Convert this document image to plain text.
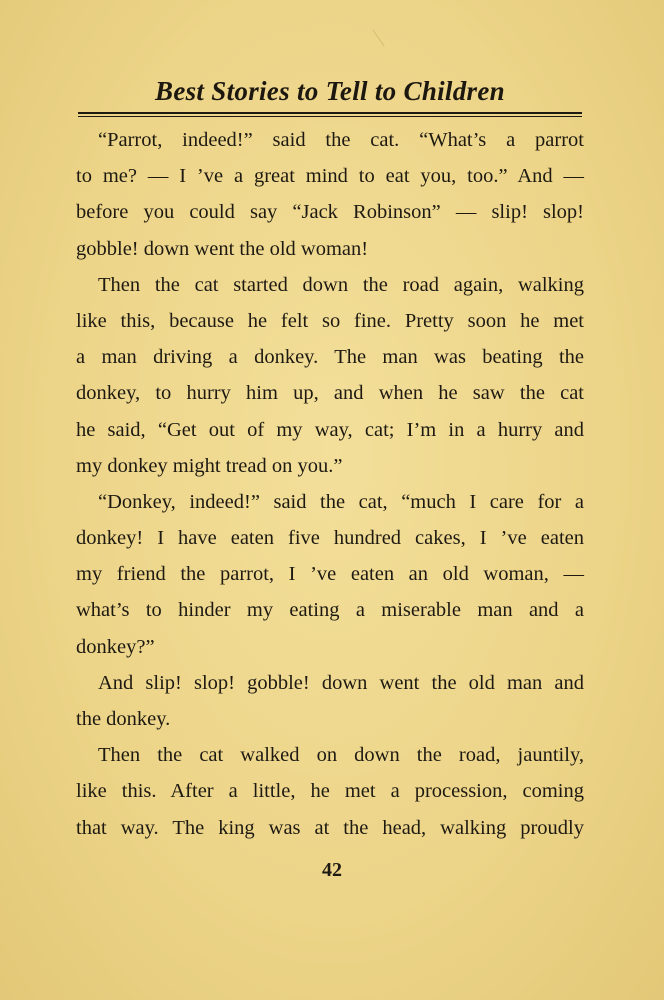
Best Stories to Tell to Children
“Parrot, indeed!” said the cat. “What’s a parrot
to me? — I ’ve a great mind to eat you, too.” And —
before you could say “Jack Robinson” — slip! slop!
gobble! down went the old woman!
Then the cat started down the road again, walking
like this, because he felt so fine. Pretty soon he met
a man driving a donkey. The man was beating the
donkey, to hurry him up, and when he saw the cat
he said, “Get out of my way, cat; I’m in a hurry and
my donkey might tread on you.”
“Donkey, indeed!” said the cat, “much I care for a
donkey! I have eaten five hundred cakes, I ’ve eaten
my friend the parrot, I ’ve eaten an old woman, —
what’s to hinder my eating a miserable man and a
donkey?”
And slip! slop! gobble! down went the old man and
the donkey.
Then the cat walked on down the road, jauntily,
like this. After a little, he met a procession, coming
that way. The king was at the head, walking proudly
42
